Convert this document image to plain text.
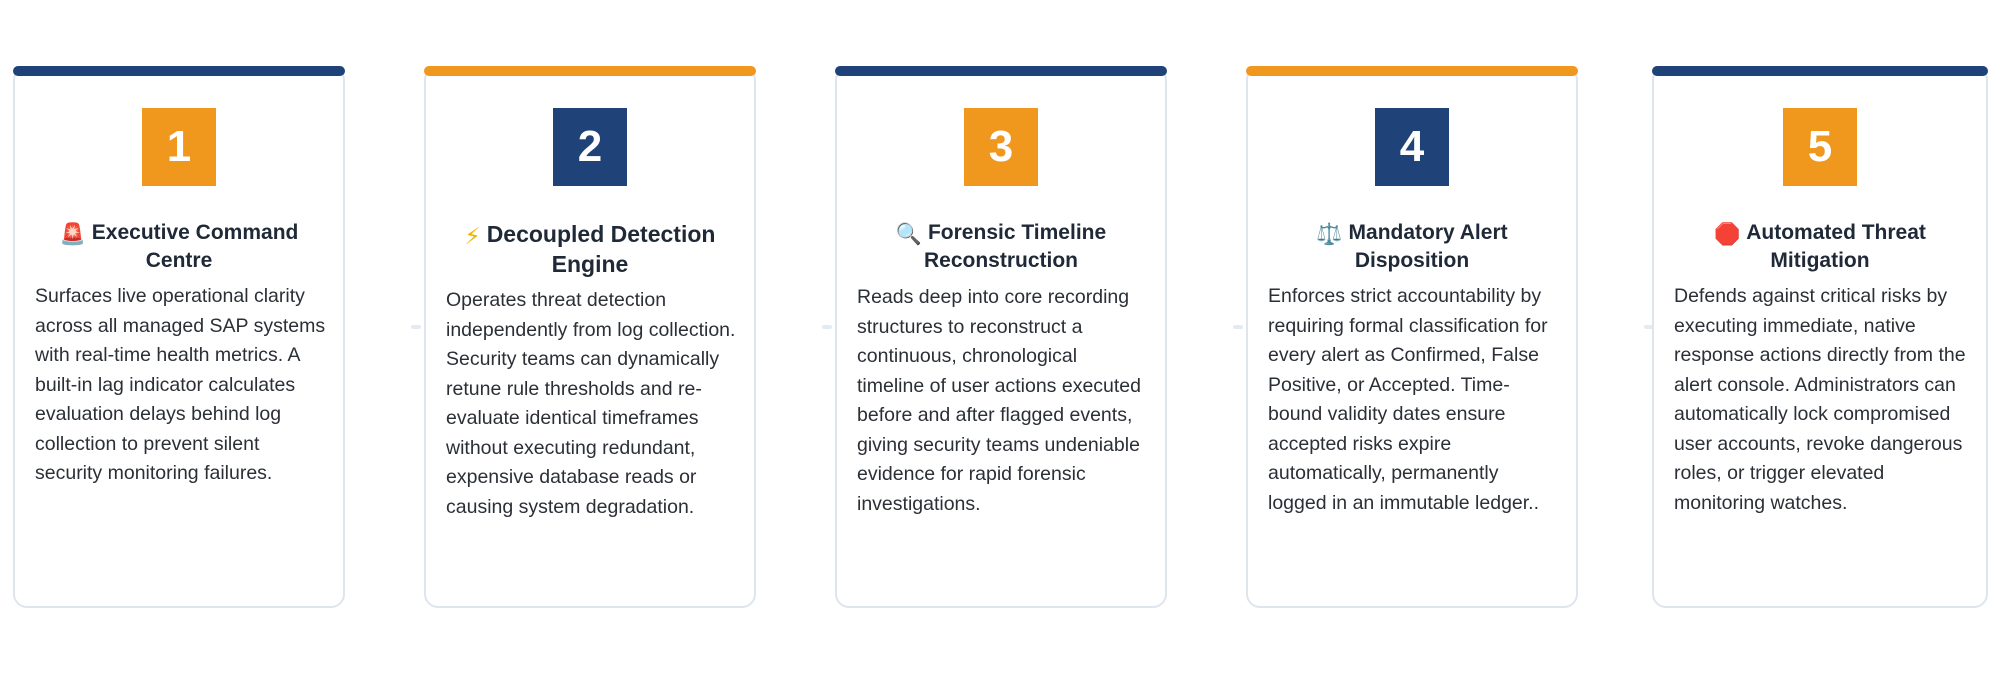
1
🚨 Executive Command Centre
Surfaces live operational clarity across all managed SAP systems with real-time health metrics. A built-in lag indicator calculates evaluation delays behind log collection to prevent silent security monitoring failures.
2
⚡ Decoupled Detection Engine
Operates threat detection independently from log collection. Security teams can dynamically retune rule thresholds and re-evaluate identical timeframes without executing redundant, expensive database reads or causing system degradation.
3
🔍 Forensic Timeline Reconstruction
Reads deep into core recording structures to reconstruct a continuous, chronological timeline of user actions executed before and after flagged events, giving security teams undeniable evidence for rapid forensic investigations.
4
⚖️ Mandatory Alert Disposition
Enforces strict accountability by requiring formal classification for every alert as Confirmed, False Positive, or Accepted. Time-bound validity dates ensure accepted risks expire automatically, permanently logged in an immutable ledger..
5
🛑 Automated Threat Mitigation
Defends against critical risks by executing immediate, native response actions directly from the alert console. Administrators can automatically lock compromised user accounts, revoke dangerous roles, or trigger elevated monitoring watches.
